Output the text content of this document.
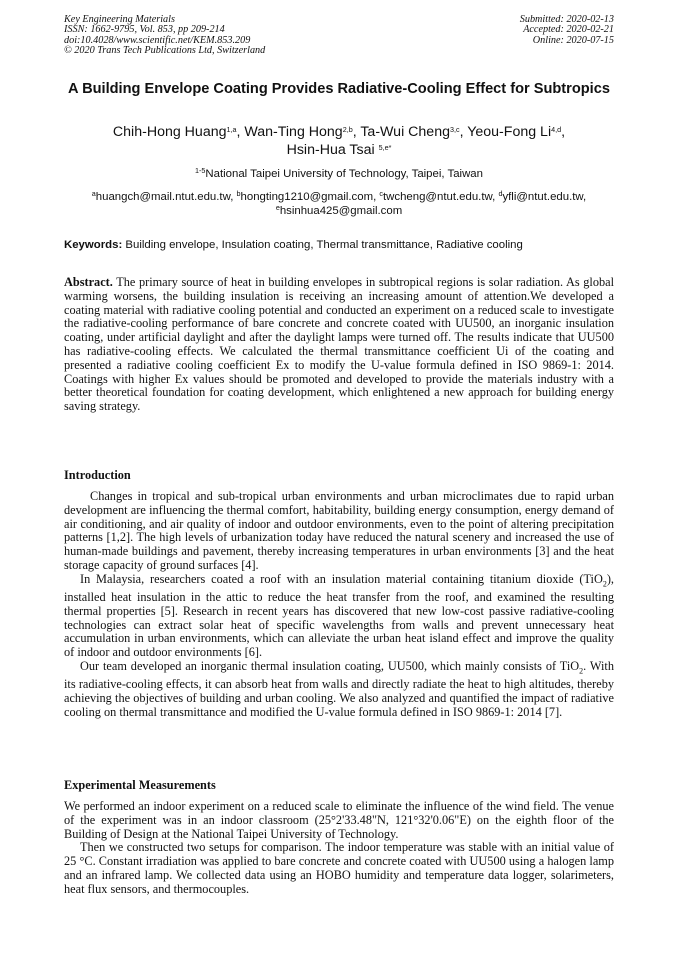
Key Engineering Materials
ISSN: 1662-9795, Vol. 853, pp 209-214
doi:10.4028/www.scientific.net/KEM.853.209
© 2020 Trans Tech Publications Ltd, Switzerland
Submitted: 2020-02-13
Accepted: 2020-02-21
Online: 2020-07-15
A Building Envelope Coating Provides Radiative-Cooling Effect for Subtropics
Chih-Hong Huang$^{1,a}$, Wan-Ting Hong$^{2,b}$, Ta-Wui Cheng$^{3,c}$, Yeou-Fong Li$^{4,d}$,
Hsin-Hua Tsai $^{5,e*}$
$^{1-5}$National Taipei University of Technology, Taipei, Taiwan
$^a$huangch@mail.ntut.edu.tw, $^b$hongting1210@gmail.com, $^c$twcheng@ntut.edu.tw, $^d$yfli@ntut.edu.tw,
$^e$hsinhua425@gmail.com
Keywords: Building envelope, Insulation coating, Thermal transmittance, Radiative cooling

Abstract. The primary source of heat in building envelopes in subtropical regions is solar radiation. As global warming worsens, the building insulation is receiving an increasing amount of attention.We developed a coating material with radiative cooling potential and conducted an experiment on a reduced scale to investigate the radiative-cooling performance of bare concrete and concrete coated with UU500, an inorganic insulation coating, under artificial daylight and after the daylight lamps were turned off. The results indicate that UU500 has radiative-cooling effects. We calculated the thermal transmittance coefficient Ui of the coating and presented a radiative cooling coefficient Ex to modify the U-value formula defined in ISO 9869-1: 2014. Coatings with higher Ex values should be promoted and developed to provide the materials industry with a better theoretical foundation for coating development, which enlightened a new approach for building energy saving strategy.

Introduction

Changes in tropical and sub-tropical urban environments and urban microclimates due to rapid urban development are influencing the thermal comfort, habitability, building energy consumption, energy demand of air conditioning, and air quality of indoor and outdoor environments, even to the point of altering precipitation patterns [1,2]. The high levels of urbanization today have reduced the natural scenery and increased the use of human-made buildings and pavement, thereby increasing temperatures in urban environments [3] and the heat storage capacity of ground surfaces [4].

In Malaysia, researchers coated a roof with an insulation material containing titanium dioxide (TiO$_2$), installed heat insulation in the attic to reduce the heat transfer from the roof, and examined the resulting thermal properties [5]. Research in recent years has discovered that new low-cost passive radiative-cooling technologies can extract solar heat of specific wavelengths from walls and prevent unnecessary heat accumulation in urban environments, which can alleviate the urban heat island effect and improve the quality of indoor and outdoor environments [6].

Our team developed an inorganic thermal insulation coating, UU500, which mainly consists of TiO$_2$. With its radiative-cooling effects, it can absorb heat from walls and directly radiate the heat to high altitudes, thereby achieving the objectives of building and urban cooling. We also analyzed and quantified the impact of radiative cooling on thermal transmittance and modified the U-value formula defined in ISO 9869-1: 2014 [7].

Experimental Measurements

We performed an indoor experiment on a reduced scale to eliminate the influence of the wind field. The venue of the experiment was in an indoor classroom (25°2'33.48"N, 121°32'0.06"E) on the eighth floor of the Building of Design at the National Taipei University of Technology.

Then we constructed two setups for comparison. The indoor temperature was stable with an initial value of 25 °C. Constant irradiation was applied to bare concrete and concrete coated with UU500 using a halogen lamp and an infrared lamp. We collected data using an HOBO humidity and temperature data logger, solarimeters, heat flux sensors, and thermocouples.
